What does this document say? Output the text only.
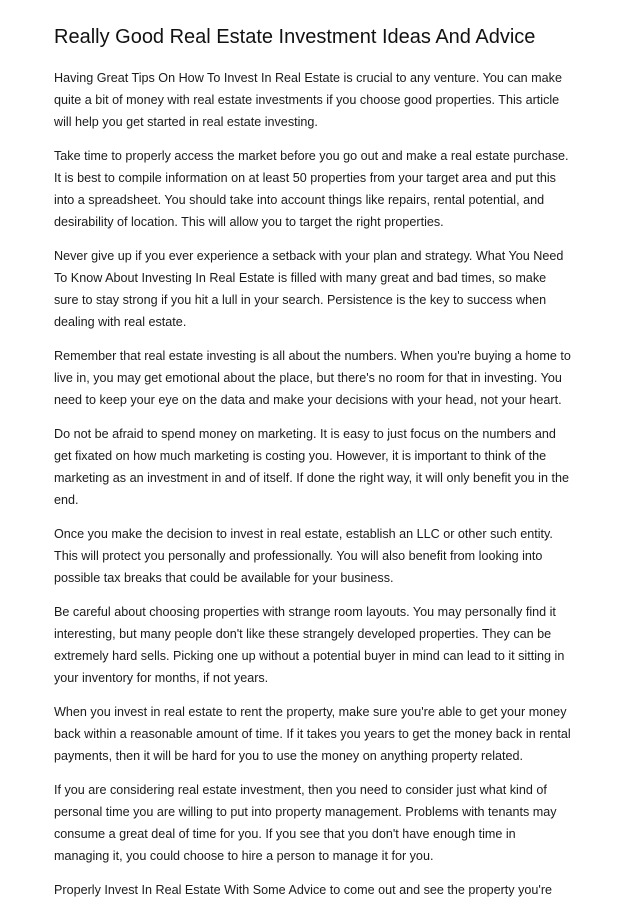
Really Good Real Estate Investment Ideas And Advice

Having Great Tips On How To Invest In Real Estate is crucial to any venture. You can make
quite a bit of money with real estate investments if you choose good properties. This article
will help you get started in real estate investing.

Take time to properly access the market before you go out and make a real estate purchase.
It is best to compile information on at least 50 properties from your target area and put this
into a spreadsheet. You should take into account things like repairs, rental potential, and
desirability of location. This will allow you to target the right properties.

Never give up if you ever experience a setback with your plan and strategy. What You Need
To Know About Investing In Real Estate is filled with many great and bad times, so make
sure to stay strong if you hit a lull in your search. Persistence is the key to success when
dealing with real estate.

Remember that real estate investing is all about the numbers. When you're buying a home to
live in, you may get emotional about the place, but there's no room for that in investing. You
need to keep your eye on the data and make your decisions with your head, not your heart.

Do not be afraid to spend money on marketing. It is easy to just focus on the numbers and
get fixated on how much marketing is costing you. However, it is important to think of the
marketing as an investment in and of itself. If done the right way, it will only benefit you in the
end.

Once you make the decision to invest in real estate, establish an LLC or other such entity.
This will protect you personally and professionally. You will also benefit from looking into
possible tax breaks that could be available for your business.

Be careful about choosing properties with strange room layouts. You may personally find it
interesting, but many people don't like these strangely developed properties. They can be
extremely hard sells. Picking one up without a potential buyer in mind can lead to it sitting in
your inventory for months, if not years.

When you invest in real estate to rent the property, make sure you're able to get your money
back within a reasonable amount of time. If it takes you years to get the money back in rental
payments, then it will be hard for you to use the money on anything property related.

If you are considering real estate investment, then you need to consider just what kind of
personal time you are willing to put into property management. Problems with tenants may
consume a great deal of time for you. If you see that you don't have enough time in
managing it, you could choose to hire a person to manage it for you.

Properly Invest In Real Estate With Some Advice to come out and see the property you're
